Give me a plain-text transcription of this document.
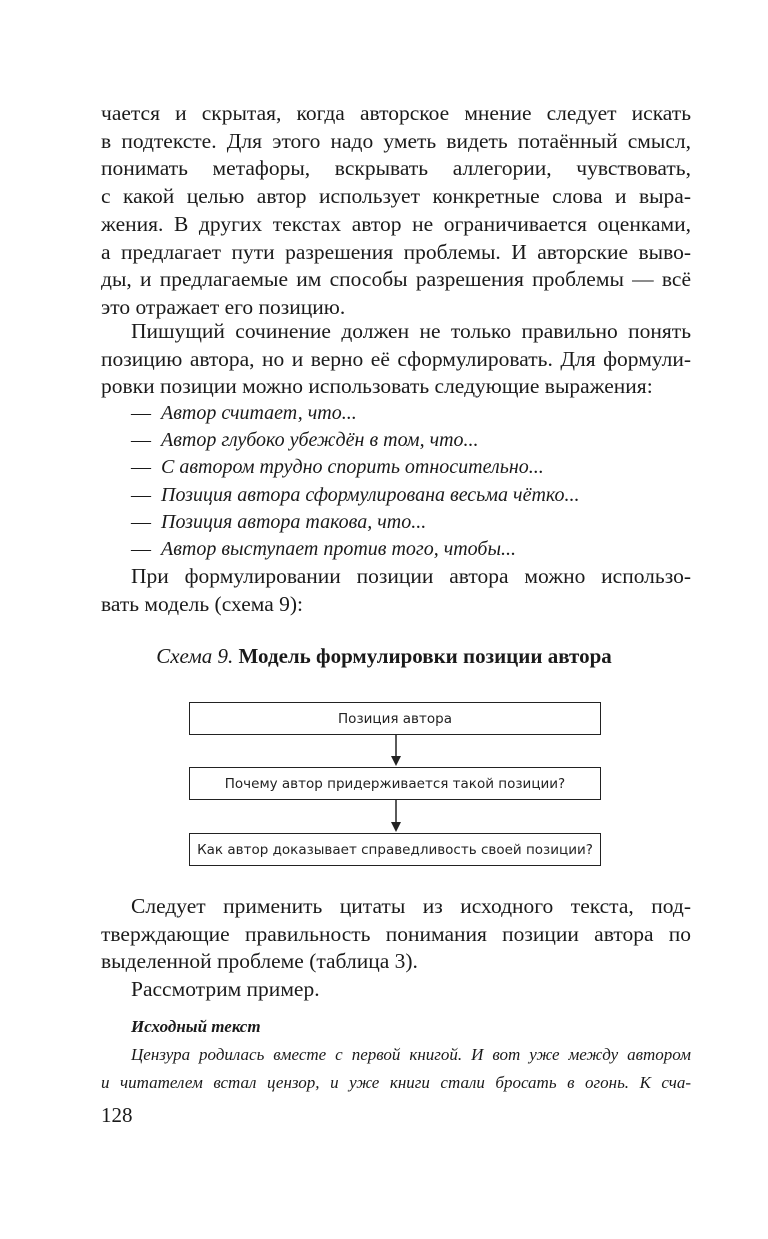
чается и скрытая, когда авторское мнение следует искать
в подтексте. Для этого надо уметь видеть потаённый смысл,
понимать метафоры, вскрывать аллегории, чувствовать,
с какой целью автор использует конкретные слова и выра-
жения. В других текстах автор не ограничивается оценками,
а предлагает пути разрешения проблемы. И авторские выво-
ды, и предлагаемые им способы разрешения проблемы — всё
это отражает его позицию.
Пишущий сочинение должен не только правильно понять
позицию автора, но и верно её сформулировать. Для формули-
ровки позиции можно использовать следующие выражения:
— Автор считает, что...
— Автор глубоко убеждён в том, что...
— С автором трудно спорить относительно...
— Позиция автора сформулирована весьма чётко...
— Позиция автора такова, что...
— Автор выступает против того, чтобы...
При формулировании позиции автора можно использо-
вать модель (схема 9):
Схема 9. Модель формулировки позиции автора
Позиция автора
Почему автор придерживается такой позиции?
Как автор доказывает справедливость своей позиции?
Следует применить цитаты из исходного текста, под-
тверждающие правильность понимания позиции автора по
выделенной проблеме (таблица 3).
Рассмотрим пример.
Исходный текст
Цензура родилась вместе с первой книгой. И вот уже между автором
и читателем встал цензор, и уже книги стали бросать в огонь. К сча-
128
